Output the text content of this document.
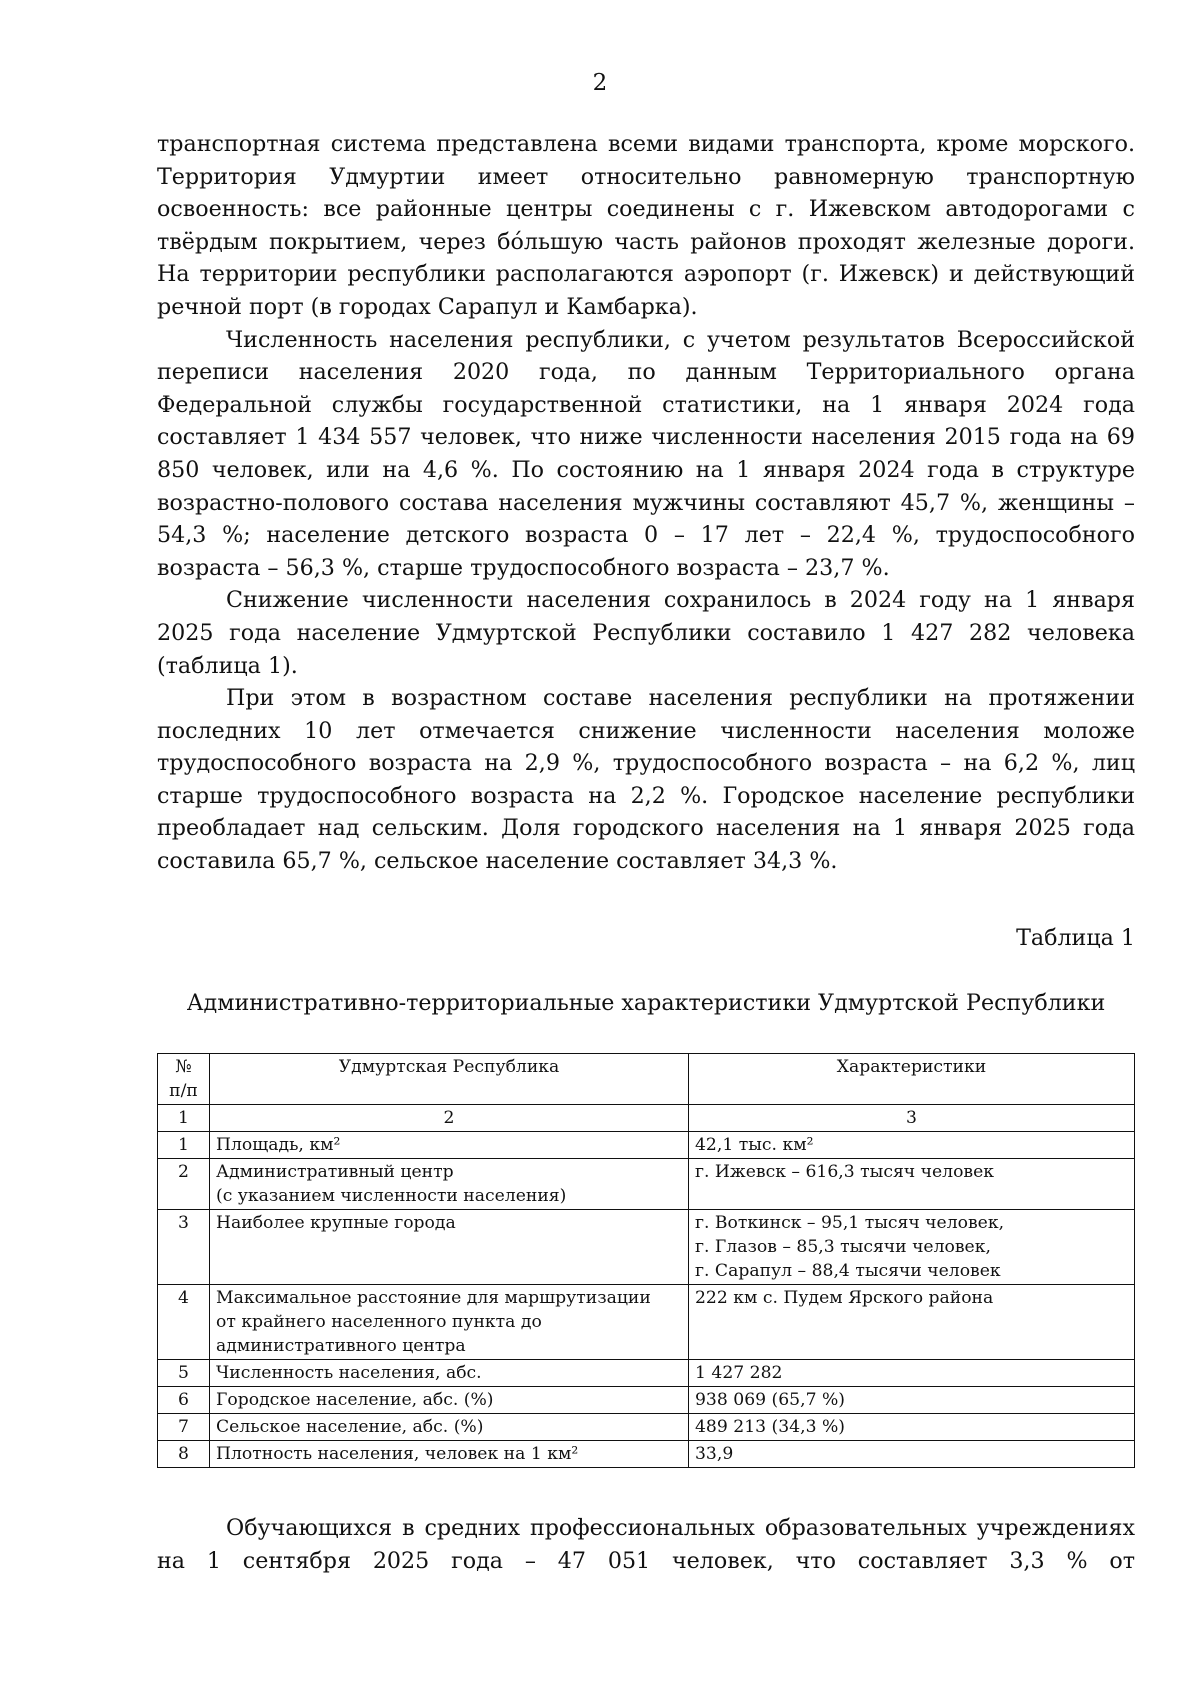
2

транспортная система представлена всеми видами транспорта, кроме морского. Территория Удмуртии имеет относительно равномерную транспортную освоенность: все районные центры соединены с г. Ижевском автодорогами с твёрдым покрытием, через бо́льшую часть районов проходят железные дороги. На территории республики располагаются аэропорт (г. Ижевск) и действующий речной порт (в городах Сарапул и Камбарка).

Численность населения республики, с учетом результатов Всероссийской переписи населения 2020 года, по данным Территориального органа Федеральной службы государственной статистики, на 1 января 2024 года составляет 1 434 557 человек, что ниже численности населения 2015 года на 69 850 человек, или на 4,6 %. По состоянию на 1 января 2024 года в структуре возрастно-полового состава населения мужчины составляют 45,7 %, женщины – 54,3 %; население детского возраста 0 – 17 лет – 22,4 %, трудоспособного возраста – 56,3 %, старше трудоспособного возраста – 23,7 %.

Снижение численности населения сохранилось в 2024 году на 1 января 2025 года население Удмуртской Республики составило 1 427 282 человека (таблица 1).

При этом в возрастном составе населения республики на протяжении последних 10 лет отмечается снижение численности населения моложе трудоспособного возраста на 2,9 %, трудоспособного возраста – на 6,2 %, лиц старше трудоспособного возраста на 2,2 %. Городское население республики преобладает над сельским. Доля городского населения на 1 января 2025 года составила 65,7 %, сельское население составляет 34,3 %.

Таблица 1
Административно-территориальные характеристики Удмуртской Республики
№
п/п	Удмуртская Республика	Характеристики
1	2	3
1	Площадь, км²	42,1 тыс. км²
2	Административный центр
(с указанием численности населения)	г. Ижевск – 616,3 тысяч человек
3	Наиболее крупные города	г. Воткинск – 95,1 тысяч человек,
г. Глазов – 85,3 тысячи человек,
г. Сарапул – 88,4 тысячи человек
4	Максимальное расстояние для маршрутизации
от крайнего населенного пункта до
административного центра	222 км с. Пудем Ярского района
5	Численность населения, абс.	1 427 282
6	Городское население, абс. (%)	938 069 (65,7 %)
7	Сельское население, абс. (%)	489 213 (34,3 %)
8	Плотность населения, человек на 1 км²	33,9

Обучающихся в средних профессиональных образовательных учреждениях на 1 сентября 2025 года – 47 051 человек, что составляет 3,3 % от
